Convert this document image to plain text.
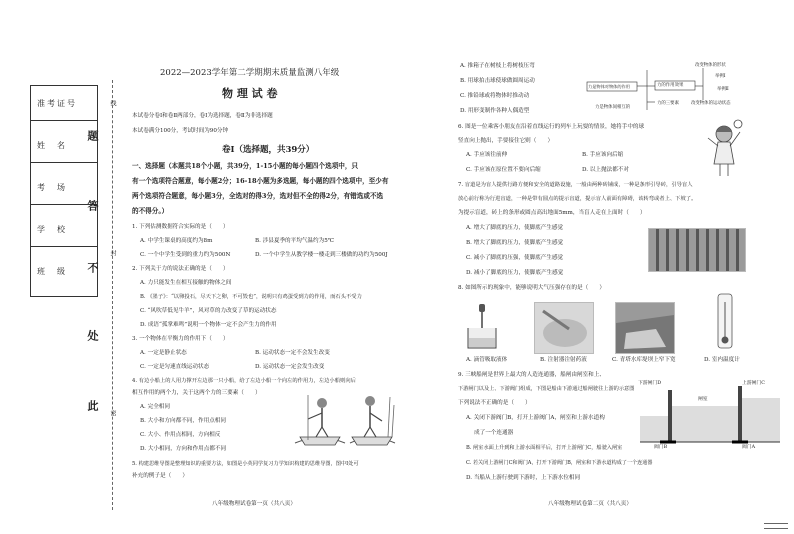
准考证号
姓　名
考　场
学　校
班　级
题
答
不
处
此
线
封
密
2022—2023学年第二学期期末质量监测八年级
物 理 试 卷
本试卷分卷Ⅰ和卷Ⅱ两部分，卷Ⅰ为选择题，卷Ⅱ为非选择题
本试卷满分100分，考试时间为90分钟
卷Ⅰ（选择题，共39分）
一、选择题（本题共18个小题，共39分，1-15小题的每小题四个选项中，只
有一个选项符合题意，每小题2分；16-18小题为多选题，每小题的四个选项中，至少有
两个选项符合题意，每小题3分，全选对的得3分，选对但不全的得2分，有错选或不选
的不得分。）
1. 下列估测数据符合实际的是（　　）
A. 中学生课桌的高度约为8m	B. 涉县夏季的平均气温约为5℃
C. 一个中学生受到的重力约为500N	D. 一个中学生从教学楼一楼走到三楼做的功约为500J
2. 下列关于力的说法正确的是（　　）
A. 力只能发生在相互接触的物体之间
B. 《墨子》：“以卵投石，尽天下之卵，不可毁也”，说明只有鸡蛋受到力的作用，而石头不受力
C. “风吹草低见牛羊”，风对草的力改变了草的运动状态
D. 成语“孤掌难鸣”说明一个物体一定不会产生力的作用
3. 一个物体在平衡力的作用下（　　）
A. 一定是静止状态	B. 运动状态一定不会发生改变
C. 一定是匀速直线运动状态	D. 运动状态一定会发生改变
4. 有边小船上的人用力撑开左边那一只小船，给了左边小船一个向左的作用力，左边小船则向后
相互作用的两个力，关于这两个力的三要素（　　）
A. 完全相同
B. 大小和方向都不同，作用点相同
C. 大小、作用点相同，方向相反
D. 大小相同，方向和作用点都不同
5. 构建思维导图是整理知识的重要方法，如图是小英同学复习力学知识构建的思维导图，图中Ⅰ处可
补充的例子是（　　）
八年级物理试卷第一页（共八页）
A. 推箱子在树枝上将树枝压弯
B. 用球拍击球使球做圆周运动
C. 推铅球或将物体时推动动
D. 用形变制作各种人偶造型
力是物体对物体的作用	力的作用效果
力的三要素
力是物体间相互的
改变物体的形状
改变物体的运动状态
举例Ⅰ
举例Ⅱ
6. 图是一位乘客小朋友在沿着直线运行的列车上玩耍的情景，她将手中的球
竖直向上抛出，手要接住它则（　　）
A. 手应该往前伸	B. 手应该向后缩
C. 手应该在原位置不要向后缩	D. 以上抛法都不对
7. 盲道是为盲人提供行路方便和安全的道路设施，一般由两种砖铺成，一种是条形引导砖，引导盲人
放心前行称为行进盲道，一种是带有圆点的提示盲道，提示盲人前面有障碍，该转弯或者上、下坡了。
为提示盲道，砖上的条形或圆点高出地面5mm，当盲人走在上面时（　　）
A. 增大了脚底的压力，使脚底产生感觉
B. 增大了脚底的压力，使脚底产生感觉
C. 减小了脚底的压强，使脚底产生感觉
D. 减小了脚底的压力，使脚底产生感觉
8. 如图所示的现象中，能够说明大气压强存在的是（　　）
A. 滴管吸取液体	B. 注射器注射药液	C. 青塔水库堤坝上窄下宽	D. 室内温度计
9. 三峡船闸是世界上最大的人造连通器，船闸由闸室和上、
下游闸门以及上、下游阀门组成，下图是船由下游通过船闸驶往上游的示意图
下列说法不正确的是（　　）
A. 关闭下游阀门B，打开上游阀门A，闸室和上游水道构
成了一个连通器
B. 闸室水面上升到和上游水面相平后，打开上游闸门C，船驶入闸室
C. 若关闭上游闸门C和阀门A，打开下游阀门B，闸室和下游水道构成了一个连通器
D. 当船从上游行驶到下游时，上下游水位相同
下游闸门D	上游闸门C
闸室
阀门B	阀门A
八年级物理试卷第二页（共八页）
